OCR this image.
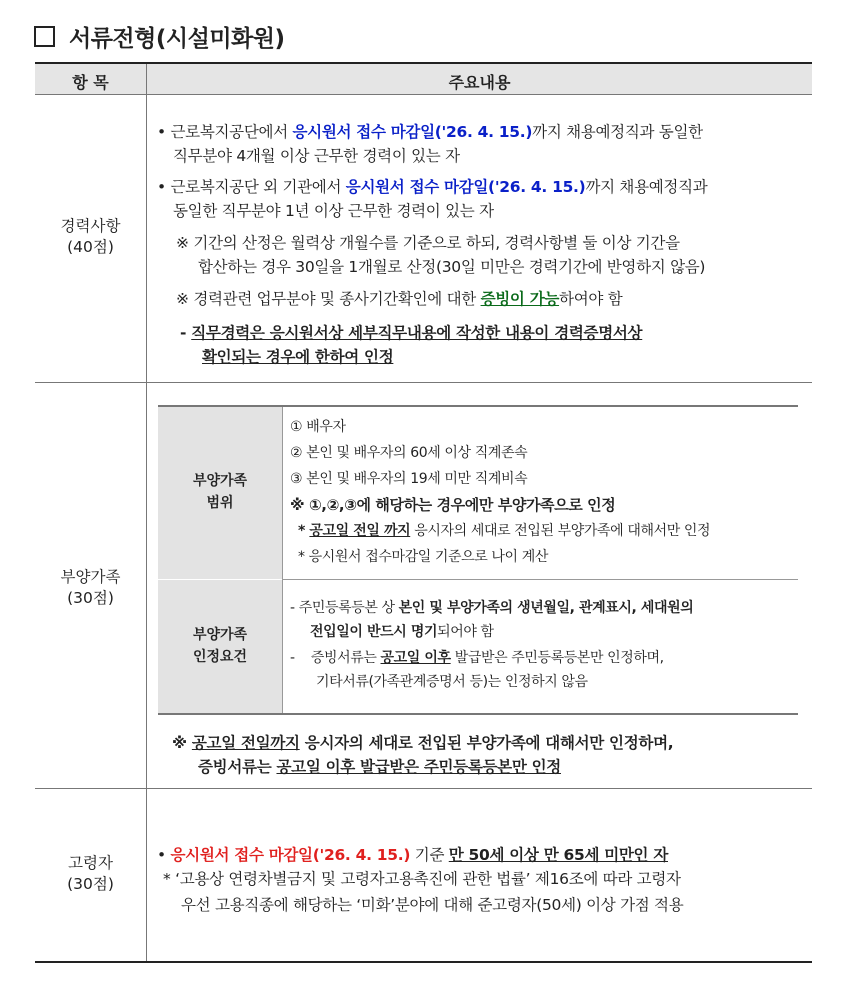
서류전형(시설미화원)
항 목	주요내용
경력사항
(40점)
• 근로복지공단에서 응시원서 접수 마감일('26. 4. 15.)까지 채용예정직과 동일한
직무분야 4개월 이상 근무한 경력이 있는 자
• 근로복지공단 외 기관에서 응시원서 접수 마감일('26. 4. 15.)까지 채용예정직과
동일한 직무분야 1년 이상 근무한 경력이 있는 자
※ 기간의 산정은 월력상 개월수를 기준으로 하되, 경력사항별 둘 이상 기간을
합산하는 경우 30일을 1개월로 산정(30일 미만은 경력기간에 반영하지 않음)
※ 경력관련 업무분야 및 종사기간확인에 대한 증빙이 가능하여야 함
- 직무경력은 응시원서상 세부직무내용에 작성한 내용이 경력증명서상
확인되는 경우에 한하여 인정
부양가족
(30점)
부양가족
범위
① 배우자
② 본인 및 배우자의 60세 이상 직계존속
③ 본인 및 배우자의 19세 미만 직계비속
※ ①,②,③에 해당하는 경우에만 부양가족으로 인정
* 공고일 전일 까지 응시자의 세대로 전입된 부양가족에 대해서만 인정
* 응시원서 접수마감일 기준으로 나이 계산
부양가족
인정요건
- 주민등록등본 상 본인 및 부양가족의 생년월일, 관계표시, 세대원의
전입일이 반드시 명기되어야 함
-    증빙서류는 공고일 이후 발급받은 주민등록등본만 인정하며,
기타서류(가족관계증명서 등)는 인정하지 않음
※ 공고일 전일까지 응시자의 세대로 전입된 부양가족에 대해서만 인정하며,
증빙서류는 공고일 이후 발급받은 주민등록등본만 인정
고령자
(30점)
• 응시원서 접수 마감일('26. 4. 15.) 기준 만 50세 이상 만 65세 미만인 자
* ‘고용상 연령차별금지 및 고령자고용촉진에 관한 법률’ 제16조에 따라 고령자
우선 고용직종에 해당하는 ‘미화’분야에 대해 준고령자(50세) 이상 가점 적용
